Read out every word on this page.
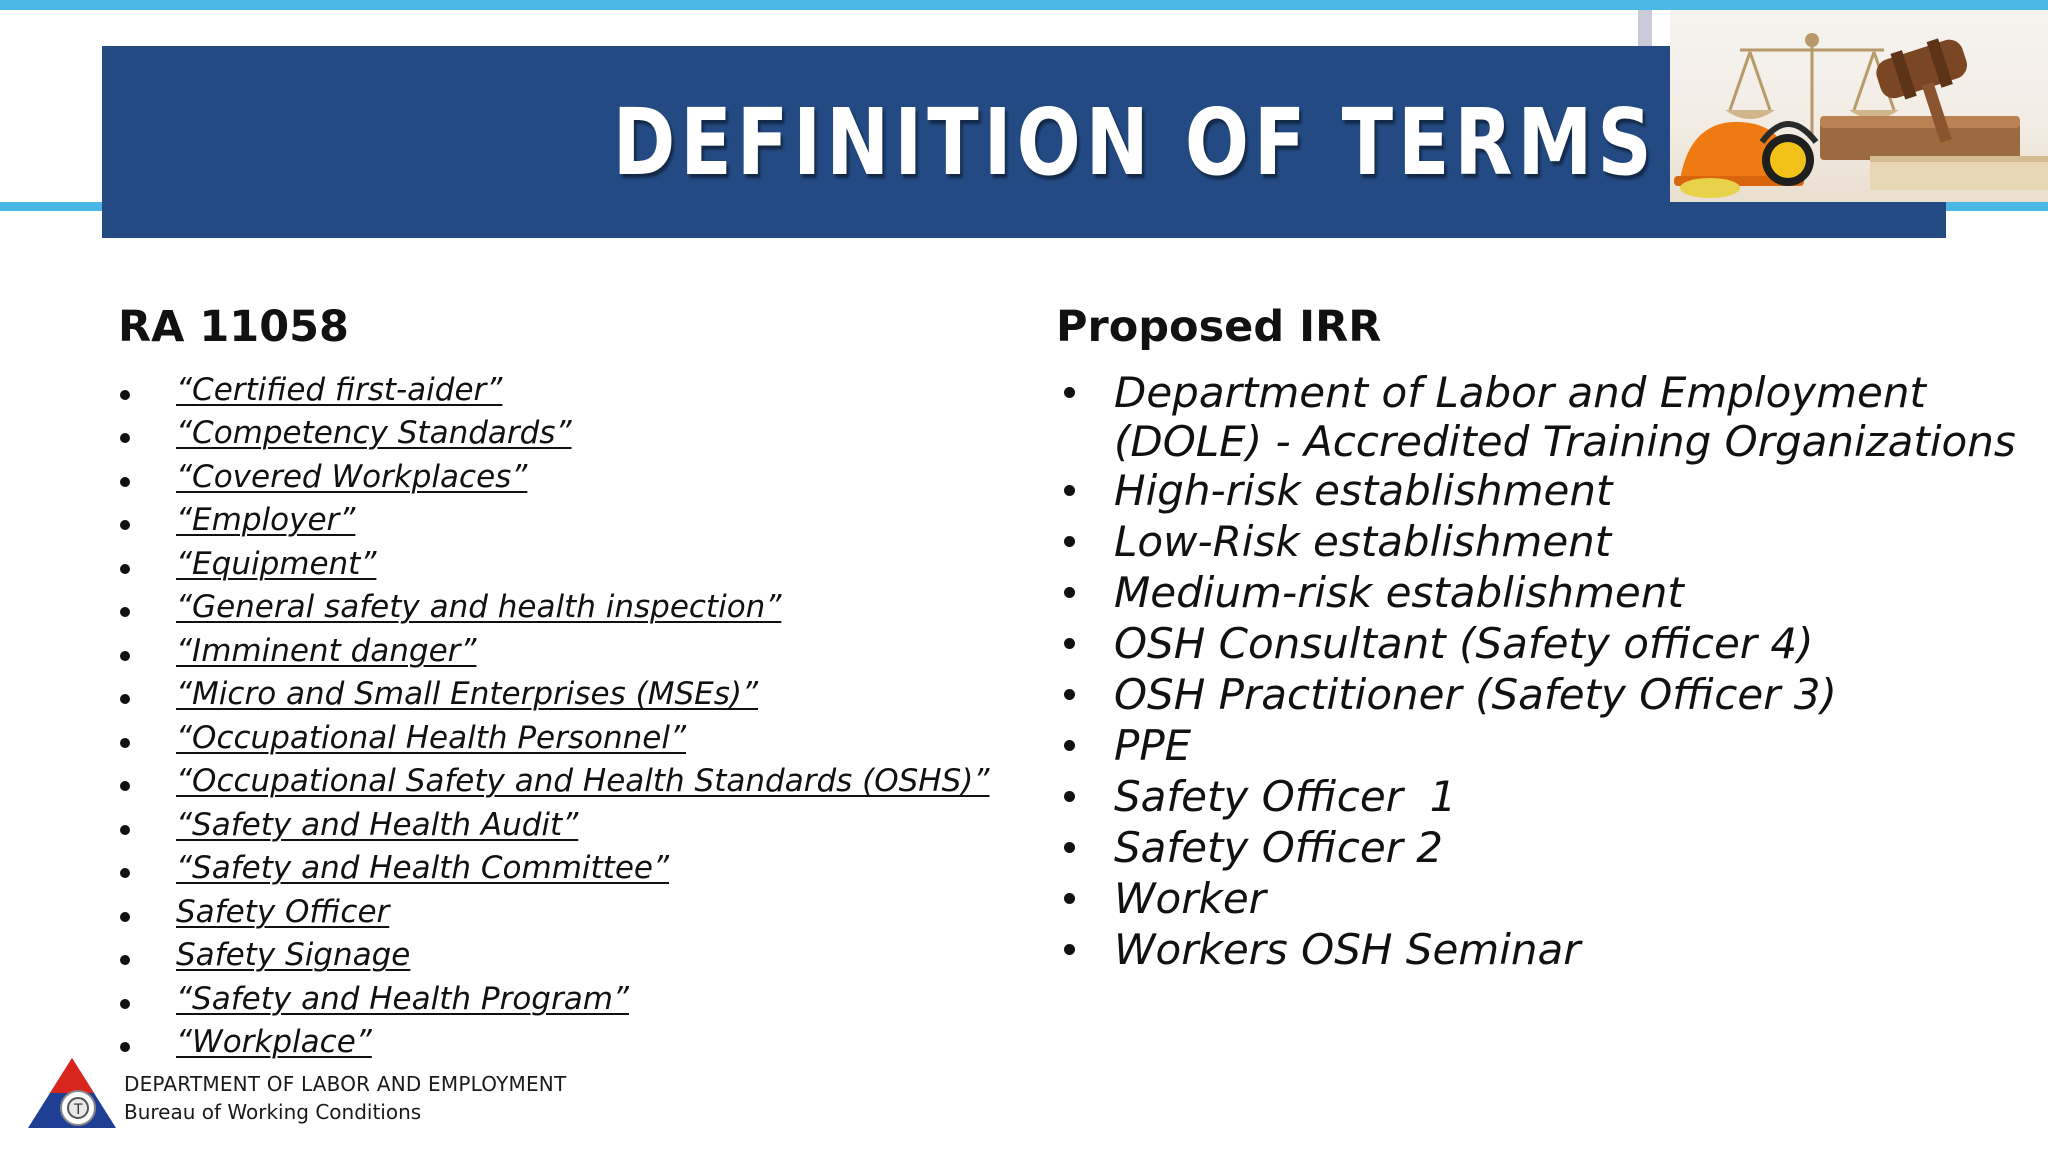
DEFINITION OF TERMS
RA 11058	Proposed IRR
“Certified first-aider”
“Competency Standards”
“Covered Workplaces”
“Employer”
“Equipment”
“General safety and health inspection”
“Imminent danger”
“Micro and Small Enterprises (MSEs)”
“Occupational Health Personnel”
“Occupational Safety and Health Standards (OSHS)”
“Safety and Health Audit”
“Safety and Health Committee”
Safety Officer
Safety Signage
“Safety and Health Program”
“Workplace”
Department of Labor and Employment
(DOLE) - Accredited Training Organizations
High-risk establishment
Low-Risk establishment
Medium-risk establishment
OSH Consultant (Safety officer 4)
OSH Practitioner (Safety Officer 3)
PPE
Safety Officer  1
Safety Officer 2
Worker
Workers OSH Seminar
T
DEPARTMENT OF LABOR AND EMPLOYMENT
Bureau of Working Conditions
